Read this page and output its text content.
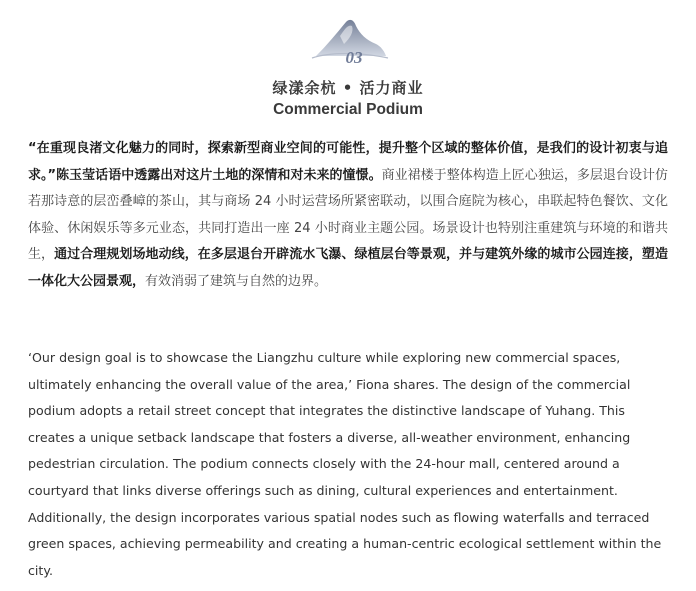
03
绿漾余杭 • 活力商业
Commercial Podium

“在重现良渚文化魅力的同时，探索新型商业空间的可能性，提升整个区域的整体价值，是我们的设计初衷与追求。”陈玉莹话语中透露出对这片土地的深情和对未来的憧憬。商业裙楼于整体构造上匠心独运，多层退台设计仿若那诗意的层峦叠嶂的茶山，其与商场 24 小时运营场所紧密联动，以围合庭院为核心，串联起特色餐饮、文化体验、休闲娱乐等多元业态，共同打造出一座 24 小时商业主题公园。场景设计也特别注重建筑与环境的和谐共生，通过合理规划场地动线，在多层退台开辟流水飞瀑、绿植层台等景观，并与建筑外缘的城市公园连接，塑造一体化大公园景观，有效消弱了建筑与自然的边界。

‘Our design goal is to showcase the Liangzhu culture while exploring new commercial spaces, ultimately enhancing the overall value of the area,’ Fiona shares. The design of the commercial podium adopts a retail street concept that integrates the distinctive landscape of Yuhang. This creates a unique setback landscape that fosters a diverse, all-weather environment, enhancing pedestrian circulation. The podium connects closely with the 24-hour mall, centered around a courtyard that links diverse offerings such as dining, cultural experiences and entertainment. Additionally, the design incorporates various spatial nodes such as flowing waterfalls and terraced green spaces, achieving permeability and creating a human-centric ecological settlement within the city.
